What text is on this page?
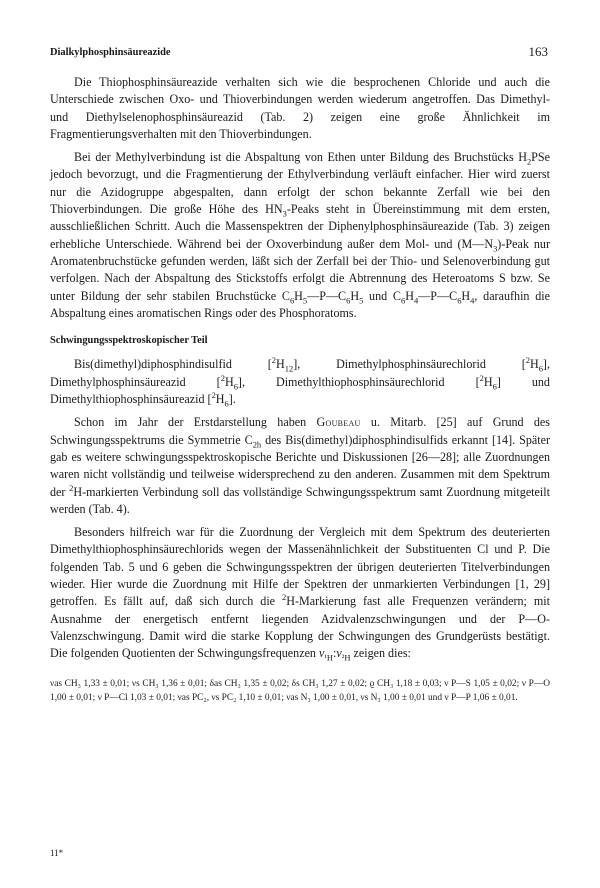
Dialkylphosphinsäureazide	163

Die Thiophosphinsäureazide verhalten sich wie die besprochenen Chloride und auch die Unterschiede zwischen Oxo- und Thioverbindungen werden wiederum angetroffen. Das Dimethyl- und Diethylselenophosphinsäureazid (Tab. 2) zeigen eine große Ähnlichkeit im Fragmentierungsverhalten mit den Thioverbindungen.

Bei der Methylverbindung ist die Abspaltung von Ethen unter Bildung des Bruchstücks $H_2PSe$ jedoch bevorzugt, und die Fragmentierung der Ethylverbindung verläuft einfacher. Hier wird zuerst nur die Azidogruppe abgespalten, dann erfolgt der schon bekannte Zerfall wie bei den Thioverbindungen. Die große Höhe des $HN_3$-Peaks steht in Übereinstimmung mit dem ersten, ausschließlichen Schritt. Auch die Massenspektren der Diphenylphosphinsäureazide (Tab. 3) zeigen erhebliche Unterschiede. Während bei der Oxoverbindung außer dem Mol- und $(M—N_3)$-Peak nur Aromatenbruchstücke gefunden werden, läßt sich der Zerfall bei der Thio- und Selenoverbindung gut verfolgen. Nach der Abspaltung des Stickstoffs erfolgt die Abtrennung des Heteroatoms S bzw. Se unter Bildung der sehr stabilen Bruchstücke $C_6H_5—P—C_6H_5$ und $C_6H_4—P—C_6H_4$, daraufhin die Abspaltung eines aromatischen Rings oder des Phosphoratoms.

Schwingungsspektroskopischer Teil

Bis(dimethyl)diphosphindisulfid $[^2H_{12}]$, Dimethylphosphinsäurechlorid $[^2H_6]$, Dimethylphosphinsäureazid $[^2H_6]$, Dimethylthiophosphinsäurechlorid $[^2H_6]$ und Dimethylthiophosphinsäureazid $[^2H_6]$.

Schon im Jahr der Erstdarstellung haben Goubeau u. Mitarb. [25] auf Grund des Schwingungsspektrums die Symmetrie $C_{2h}$ des Bis(dimethyl)diphosphindisulfids erkannt [14]. Später gab es weitere schwingungsspektroskopische Berichte und Diskussionen [26—28]; alle Zuordnungen waren nicht vollständig und teilweise widersprechend zu den anderen. Zusammen mit dem Spektrum der $^2$H-markierten Verbindung soll das vollständige Schwingungsspektrum samt Zuordnung mitgeteilt werden (Tab. 4).

Besonders hilfreich war für die Zuordnung der Vergleich mit dem Spektrum des deuterierten Dimethylthiophosphinsäurechlorids wegen der Massenähnlichkeit der Substituenten Cl und P. Die folgenden Tab. 5 und 6 geben die Schwingungsspektren der übrigen deuterierten Titelverbindungen wieder. Hier wurde die Zuordnung mit Hilfe der Spektren der unmarkierten Verbindungen [1, 29] getroffen. Es fällt auf, daß sich durch die $^2$H-Markierung fast alle Frequenzen verändern; mit Ausnahme der energetisch entfernt liegenden Azidvalenzschwingungen und der P—O-Valenzschwingung. Damit wird die starke Kopplung der Schwingungen des Grundgerüsts bestätigt. Die folgenden Quotienten der Schwingungsfrequenzen $\nu_{^1H}:\nu_{^2H}$ zeigen dies:

νas CH₃ 1,33 ± 0,01; νs CH₃ 1,36 ± 0,01; δas CH₃ 1,35 ± 0,02; δs CH₃ 1,27 ± 0,02; ϱ CH₃ 1,18 ± 0,03; ν P—S 1,05 ± 0,02; ν P—O 1,00 ± 0,01; ν P—Cl 1,03 ± 0,01; νas PC₂, νs PC₂ 1,10 ± 0,01; νas N₃ 1,00 ± 0,01, νs N₃ 1,00 ± 0,01 und ν P—P 1,06 ± 0,01.

11*
